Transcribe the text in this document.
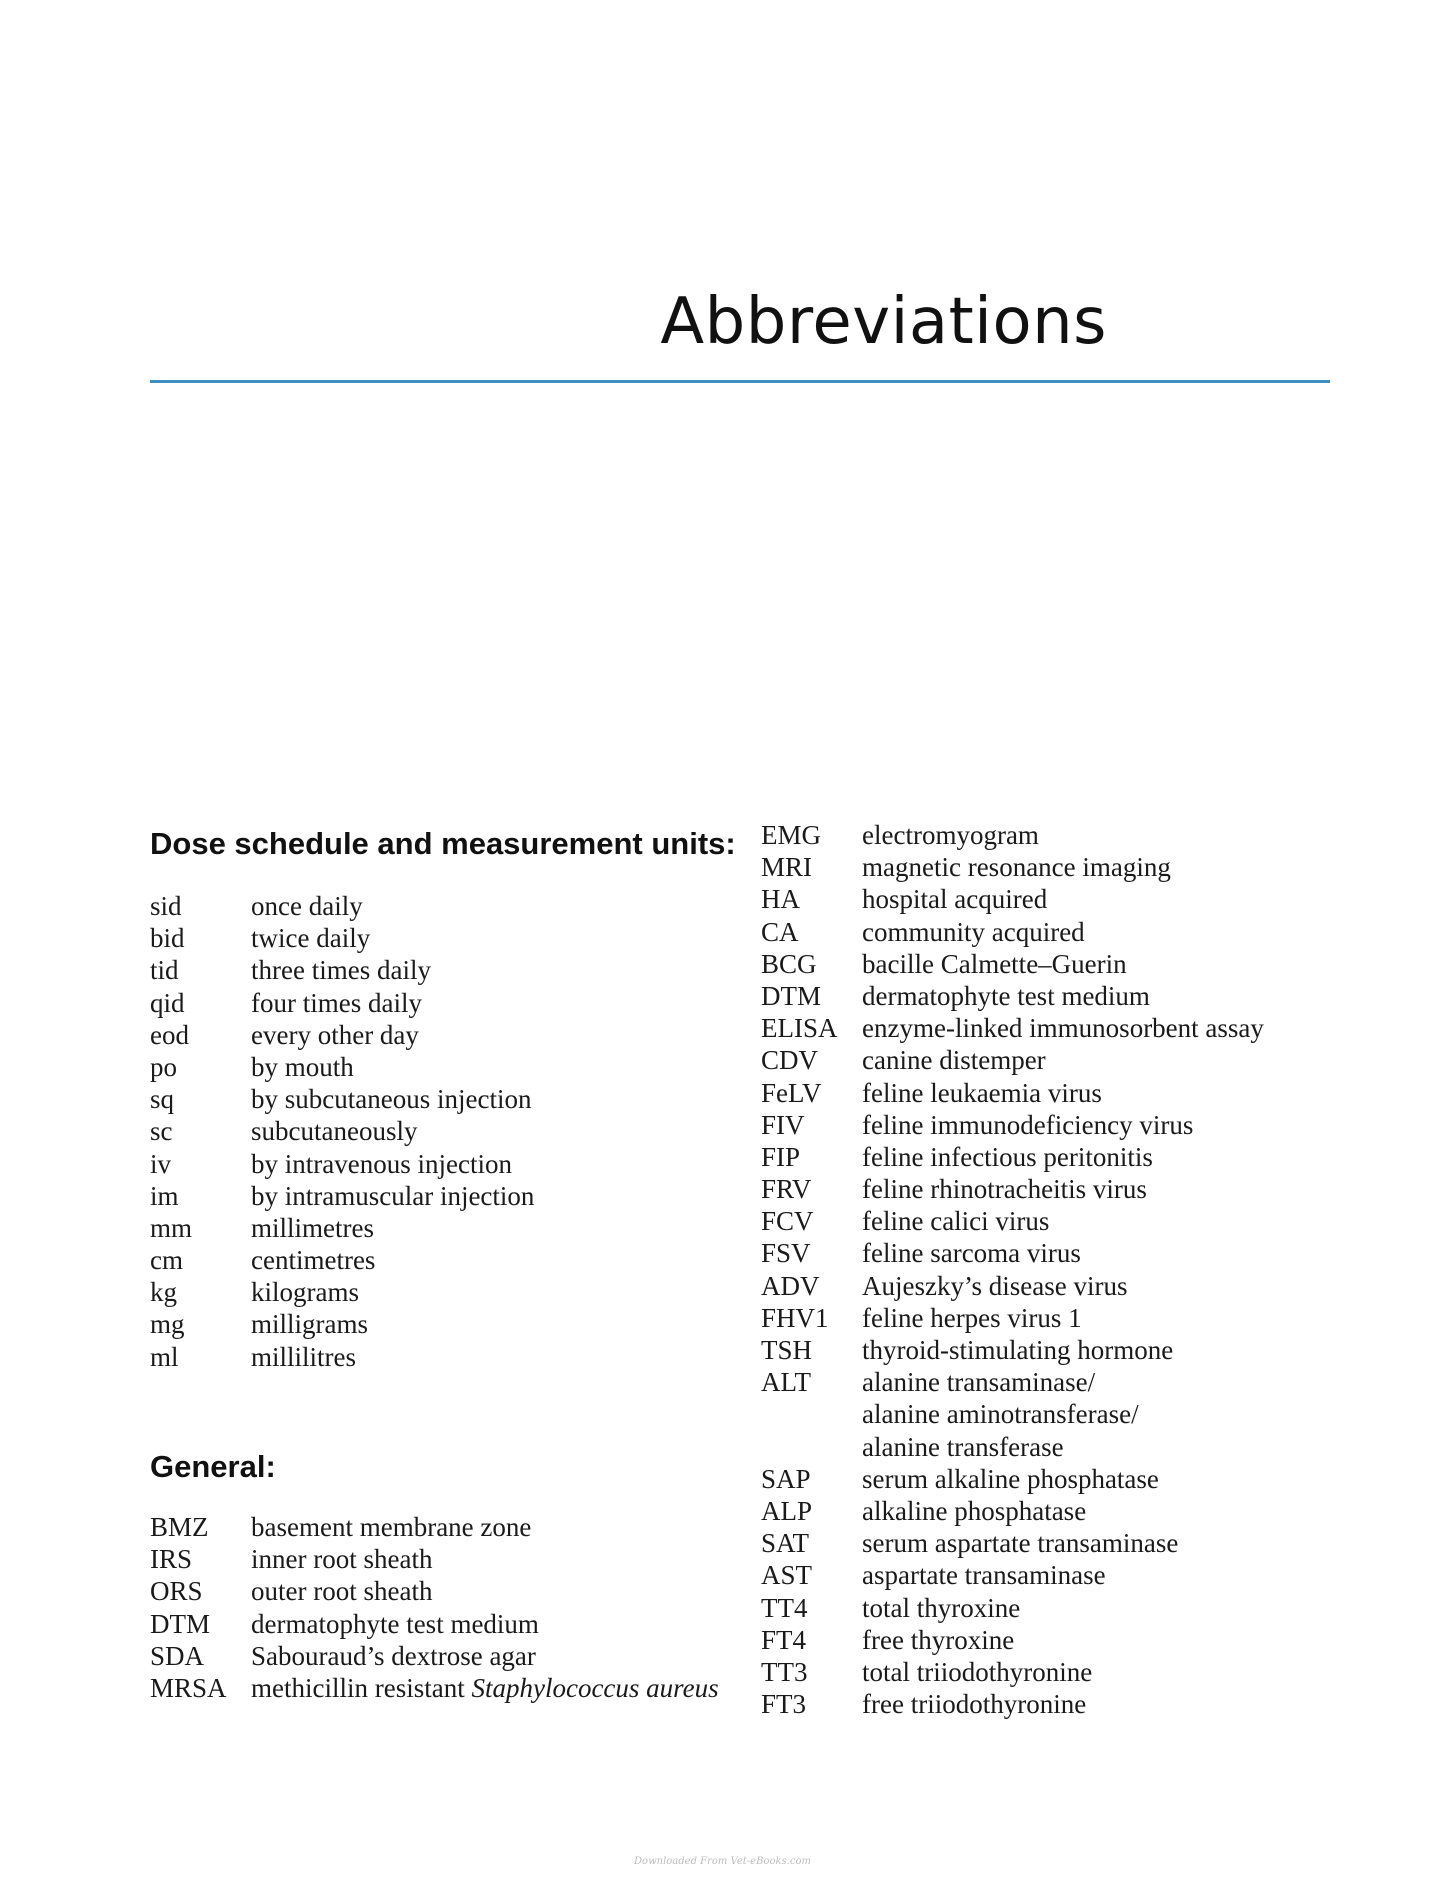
Abbreviations
Dose schedule and measurement units:
sid	once daily
bid	twice daily
tid	three times daily
qid	four times daily
eod	every other day
po	by mouth
sq	by subcutaneous injection
sc	subcutaneously
iv	by intravenous injection
im	by intramuscular injection
mm	millimetres
cm	centimetres
kg	kilograms
mg	milligrams
ml	millilitres
General:
BMZ	basement membrane zone
IRS	inner root sheath
ORS	outer root sheath
DTM	dermatophyte test medium
SDA	Sabouraud’s dextrose agar
MRSA methicillin resistant Staphylococcus aureus
EMG	electromyogram
MRI	magnetic resonance imaging
HA	hospital acquired
CA	community acquired
BCG	bacille Calmette–Guerin
DTM	dermatophyte test medium
ELISA enzyme-linked immunosorbent assay
CDV	canine distemper
FeLV	feline leukaemia virus
FIV	feline immunodeficiency virus
FIP	feline infectious peritonitis
FRV	feline rhinotracheitis virus
FCV	feline calici virus
FSV	feline sarcoma virus
ADV	Aujeszky’s disease virus
FHV1	feline herpes virus 1
TSH	thyroid-stimulating hormone
ALT	alanine transaminase/
alanine aminotransferase/
alanine transferase
SAP	serum alkaline phosphatase
ALP	alkaline phosphatase
SAT	serum aspartate transaminase
AST	aspartate transaminase
TT4	total thyroxine
FT4	free thyroxine
TT3	total triiodothyronine
FT3	free triiodothyronine
Downloaded From Vet-eBooks.com
